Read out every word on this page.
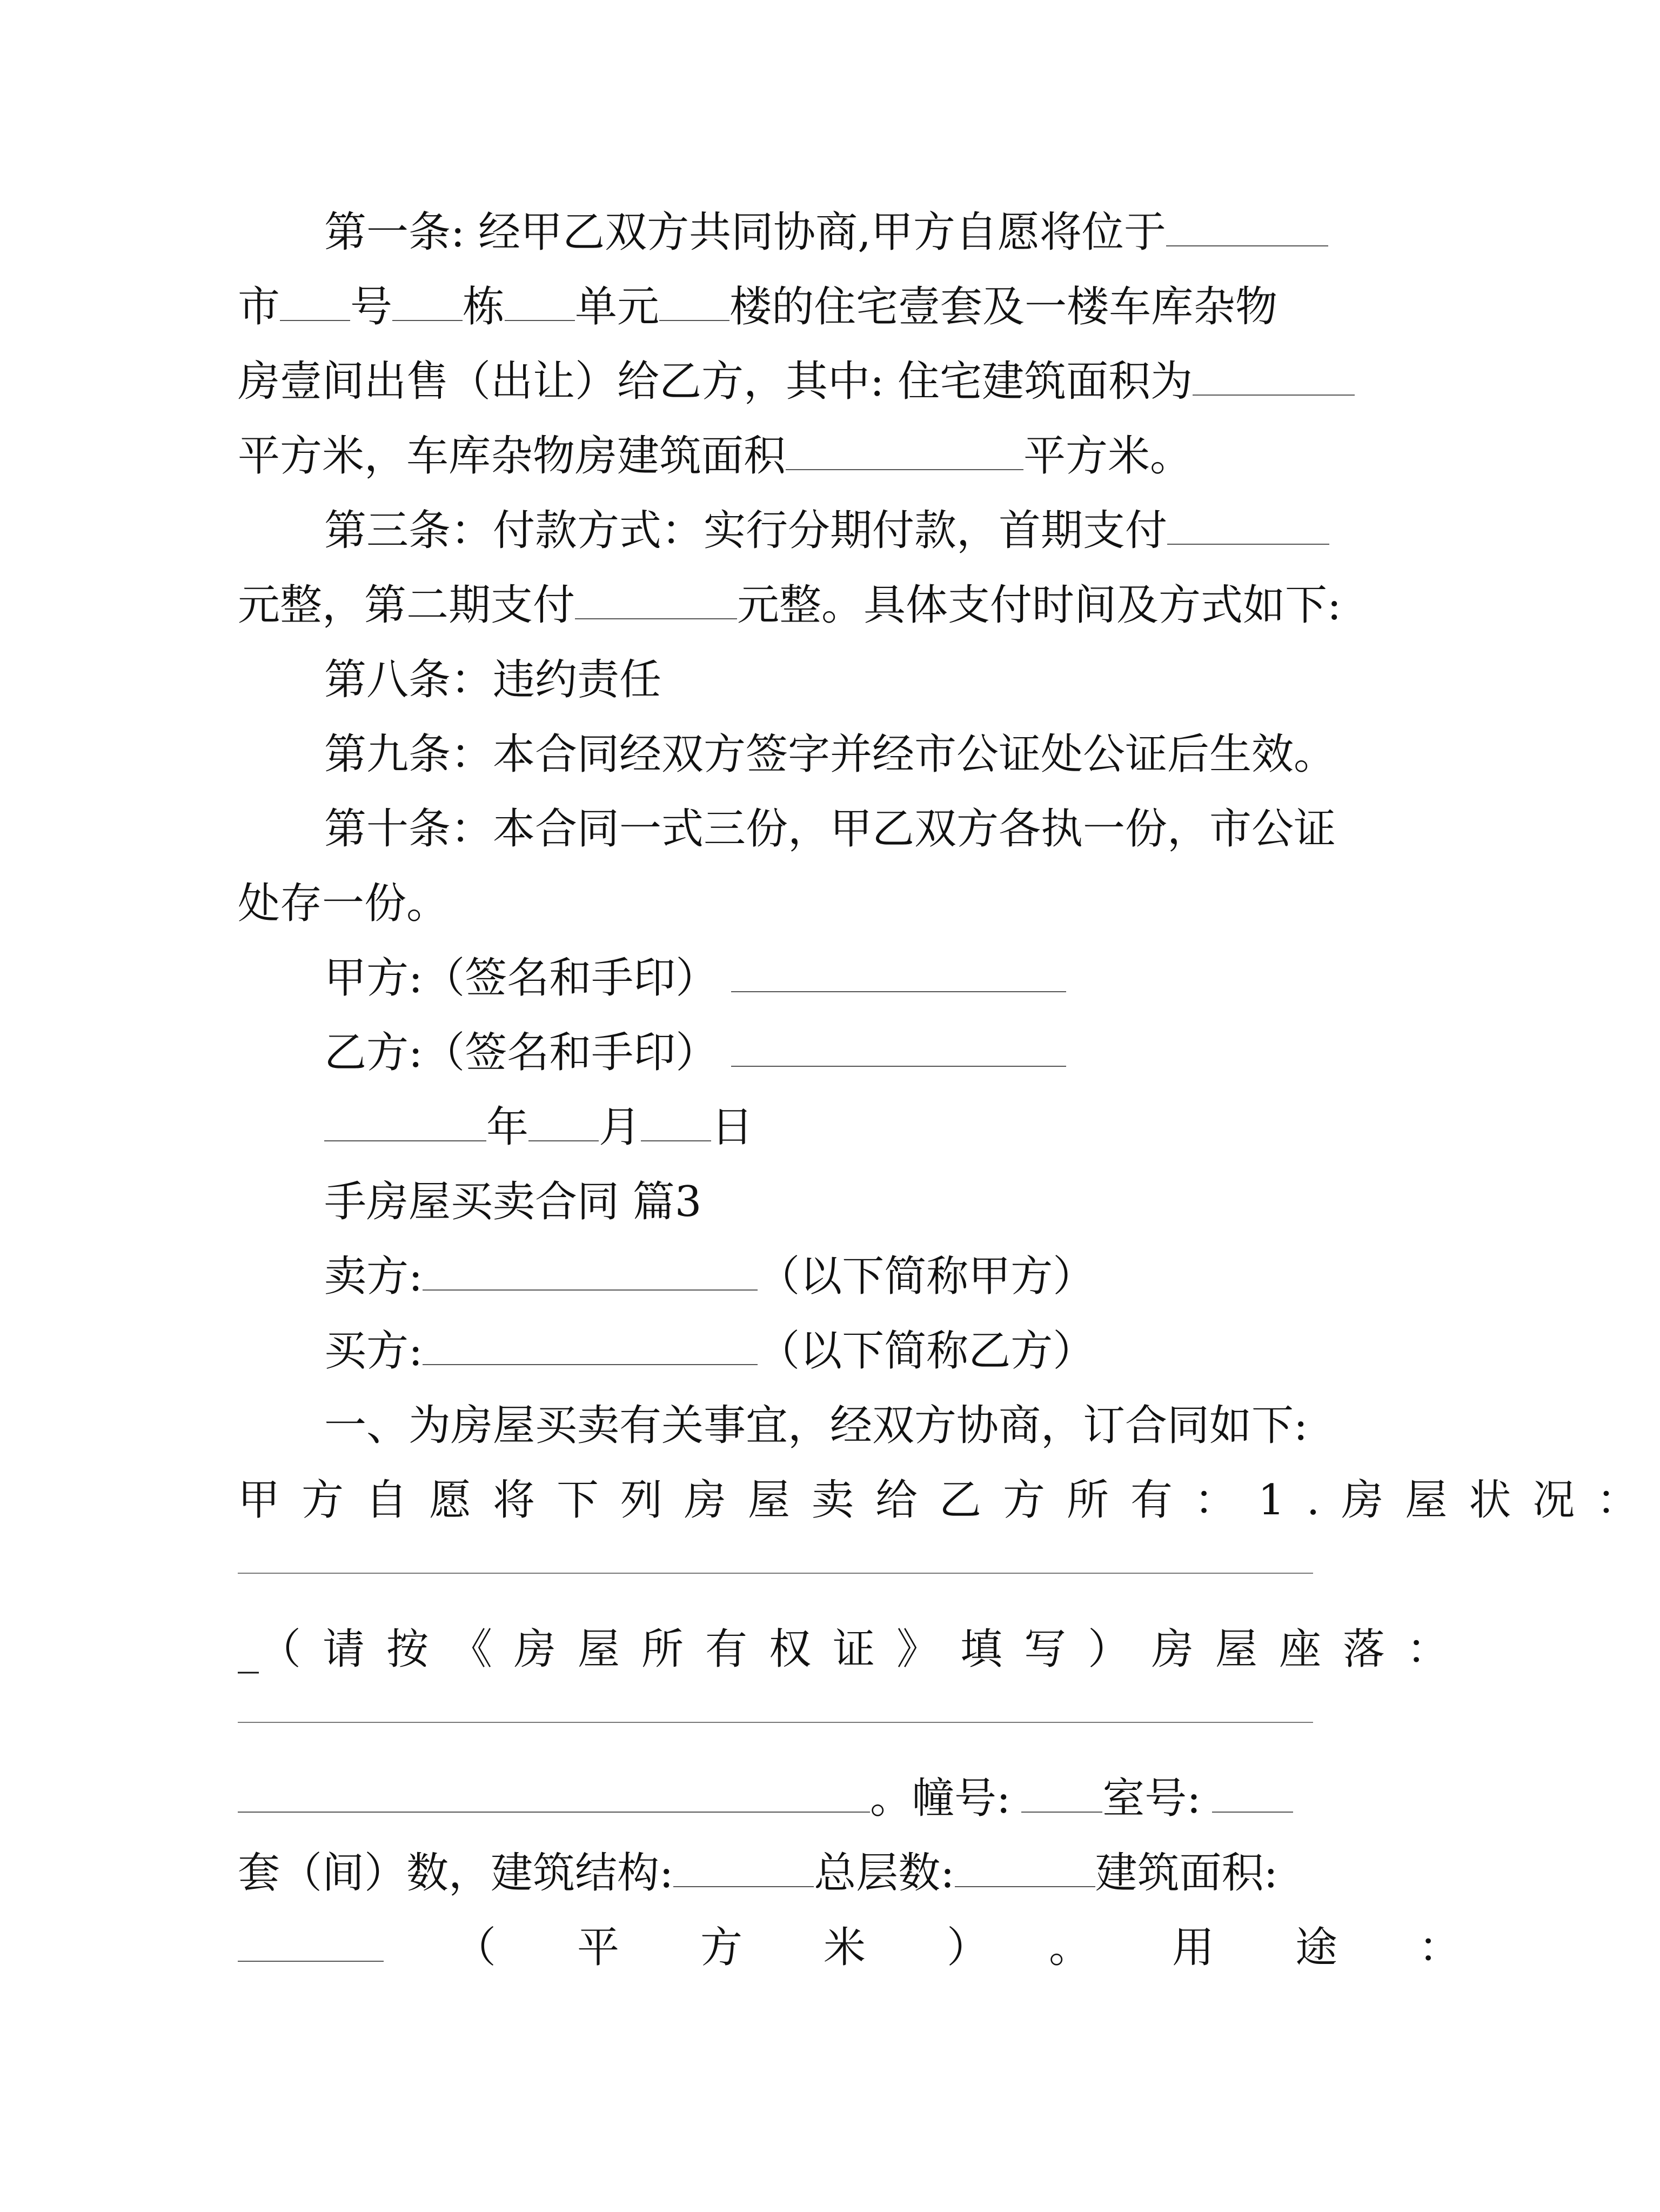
第一条: 经甲乙双方共同协商,甲方自愿将位于
市 号 栋 单元 楼的住宅壹套及一楼车库杂物
房壹间出售（出让）给乙方，其中: 住宅建筑面积为
平方米，车库杂物房建筑面积	平方米。
第三条：付款方式：实行分期付款，首期支付
元整，第二期支付	元整。具体支付时间及方式如下:
第八条：违约责任
第九条：本合同经双方签字并经市公证处公证后生效。
第十条：本合同一式三份，甲乙双方各执一份，市公证
处存一份。
甲方:（签名和手印）
乙方:（签名和手印）
年 月 日
手房屋买卖合同 篇3
卖方:	（以下简称甲方）
买方:	（以下简称乙方）
一、为房屋买卖有关事宜，经双方协商，订合同如下:
甲方自愿将下列房屋卖给乙方所有：1.房屋状况：
_（请按《房屋所有权证》填写）房屋座落：
。幢号: 室号:
套（间）数，建筑结构:	总层数:	建筑面积:
（平方米）。用途：
